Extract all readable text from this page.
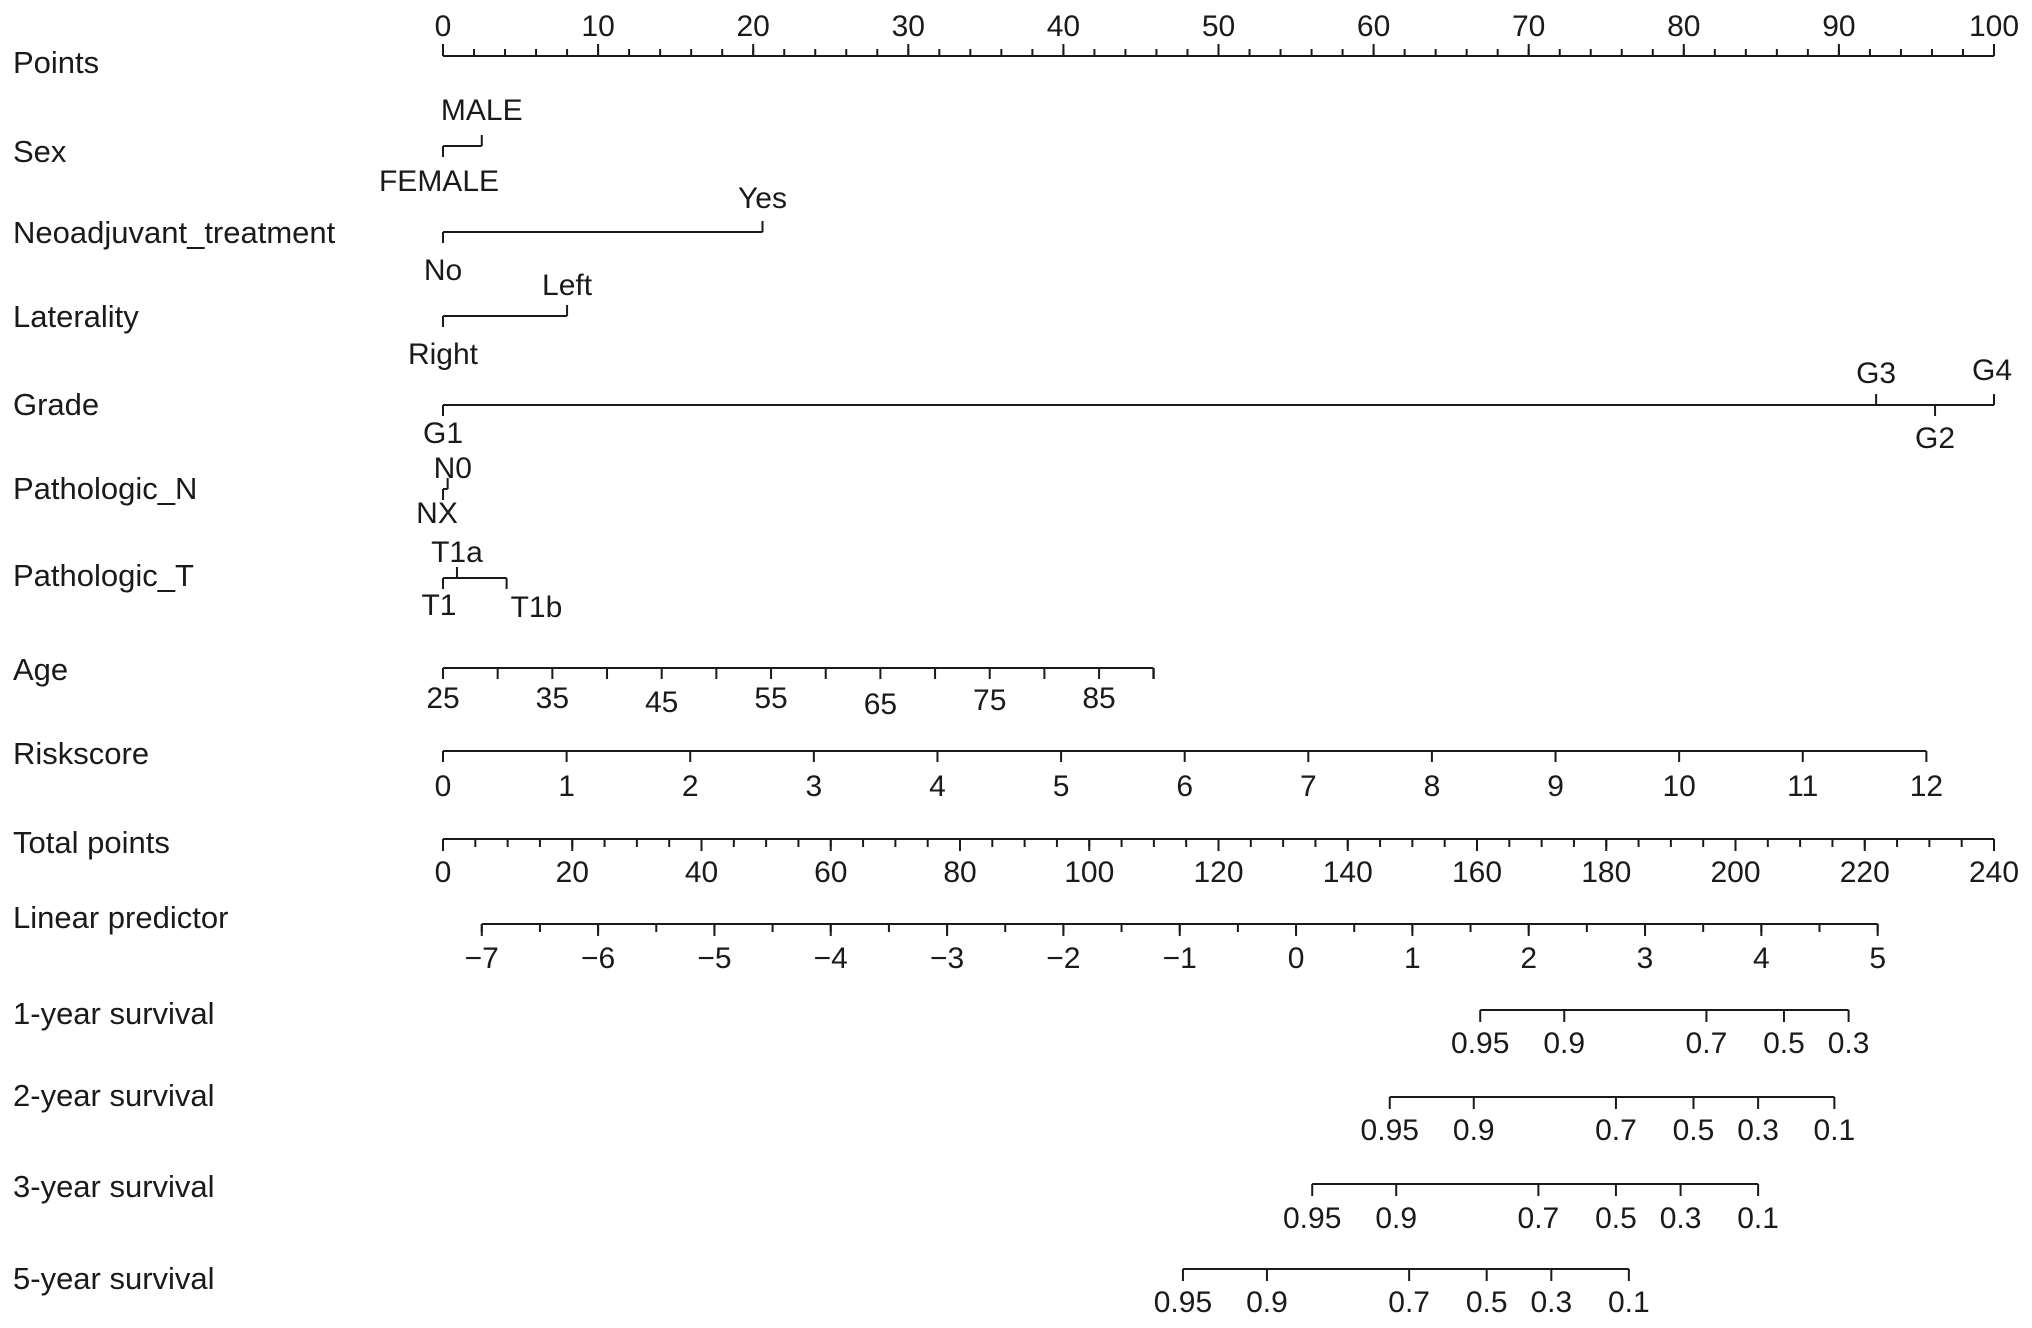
Points
0	10	20	30	40	50	60	70	80	90	100
Sex
FEMALE
MALE
Neoadjuvant_treatment
No
Yes
Laterality
Right
Left
Grade
G1
G3
G2
G4
Pathologic_N
NX
N0
Pathologic_T
T1
T1a
T1b
Age
25	35	45	55	65	75	85
Riskscore
0	1	2	3	4	5	6	7	8	9	10	11	12
Total points
0	20	40	60	80	100	120	140	160	180	200	220	240
Linear predictor
−7	−6	−5	−4	−3	−2	−1	0	1	2	3	4	5
1-year survival
0.95 0.9	0.7 0.5 0.3
2-year survival
0.95 0.9	0.7 0.5 0.3 0.1
3-year survival
0.95 0.9	0.7 0.5 0.3 0.1
5-year survival
0.95 0.9	0.7 0.5 0.3 0.1
